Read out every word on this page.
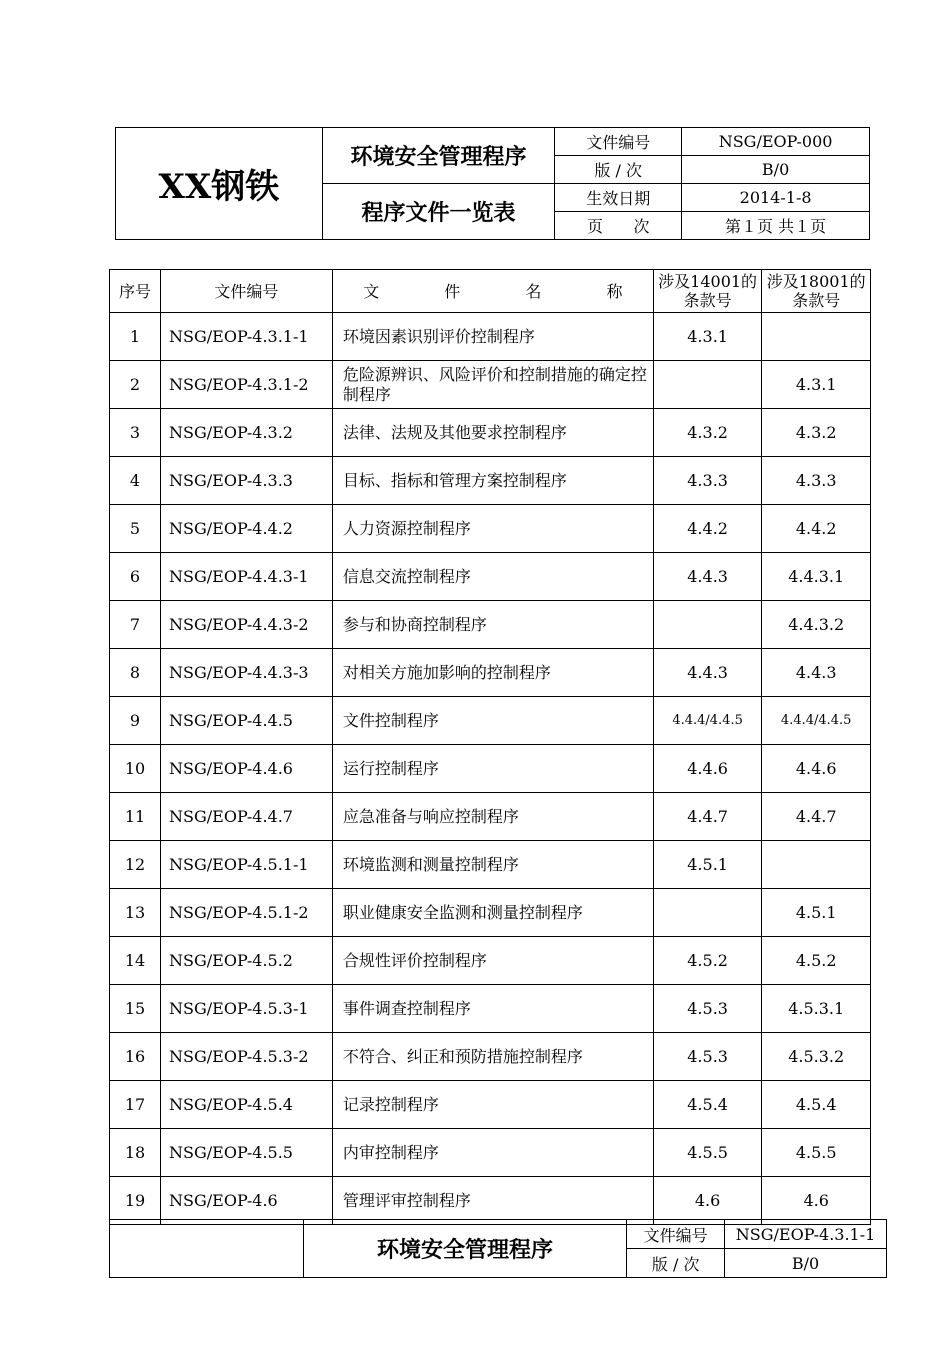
XX钢铁	环境安全管理程序	文件编号	NSG/EOP-000
		版 / 次	B/0
	程序文件一览表	生效日期	2014-1-8
		页      次	第１页 共１页
序号	文件编号	文 件 名 称	涉及14001的条款号	涉及18001的条款号
1	NSG/EOP-4.3.1-1	环境因素识别评价控制程序	4.3.1	
2	NSG/EOP-4.3.1-2	危险源辨识、风险评价和控制措施的确定控制程序		4.3.1
3	NSG/EOP-4.3.2	法律、法规及其他要求控制程序	4.3.2	4.3.2
4	NSG/EOP-4.3.3	目标、指标和管理方案控制程序	4.3.3	4.3.3
5	NSG/EOP-4.4.2	人力资源控制程序	4.4.2	4.4.2
6	NSG/EOP-4.4.3-1	信息交流控制程序	4.4.3	4.4.3.1
7	NSG/EOP-4.4.3-2	参与和协商控制程序		4.4.3.2
8	NSG/EOP-4.4.3-3	对相关方施加影响的控制程序	4.4.3	4.4.3
9	NSG/EOP-4.4.5	文件控制程序	4.4.4/4.4.5	4.4.4/4.4.5
10	NSG/EOP-4.4.6	运行控制程序	4.4.6	4.4.6
11	NSG/EOP-4.4.7	应急准备与响应控制程序	4.4.7	4.4.7
12	NSG/EOP-4.5.1-1	环境监测和测量控制程序	4.5.1	
13	NSG/EOP-4.5.1-2	职业健康安全监测和测量控制程序		4.5.1
14	NSG/EOP-4.5.2	合规性评价控制程序	4.5.2	4.5.2
15	NSG/EOP-4.5.3-1	事件调查控制程序	4.5.3	4.5.3.1
16	NSG/EOP-4.5.3-2	不符合、纠正和预防措施控制程序	4.5.3	4.5.3.2
17	NSG/EOP-4.5.4	记录控制程序	4.5.4	4.5.4
18	NSG/EOP-4.5.5	内审控制程序	4.5.5	4.5.5
19	NSG/EOP-4.6	管理评审控制程序	4.6	4.6
	环境安全管理程序	文件编号	NSG/EOP-4.3.1-1
		版 / 次	B/0
